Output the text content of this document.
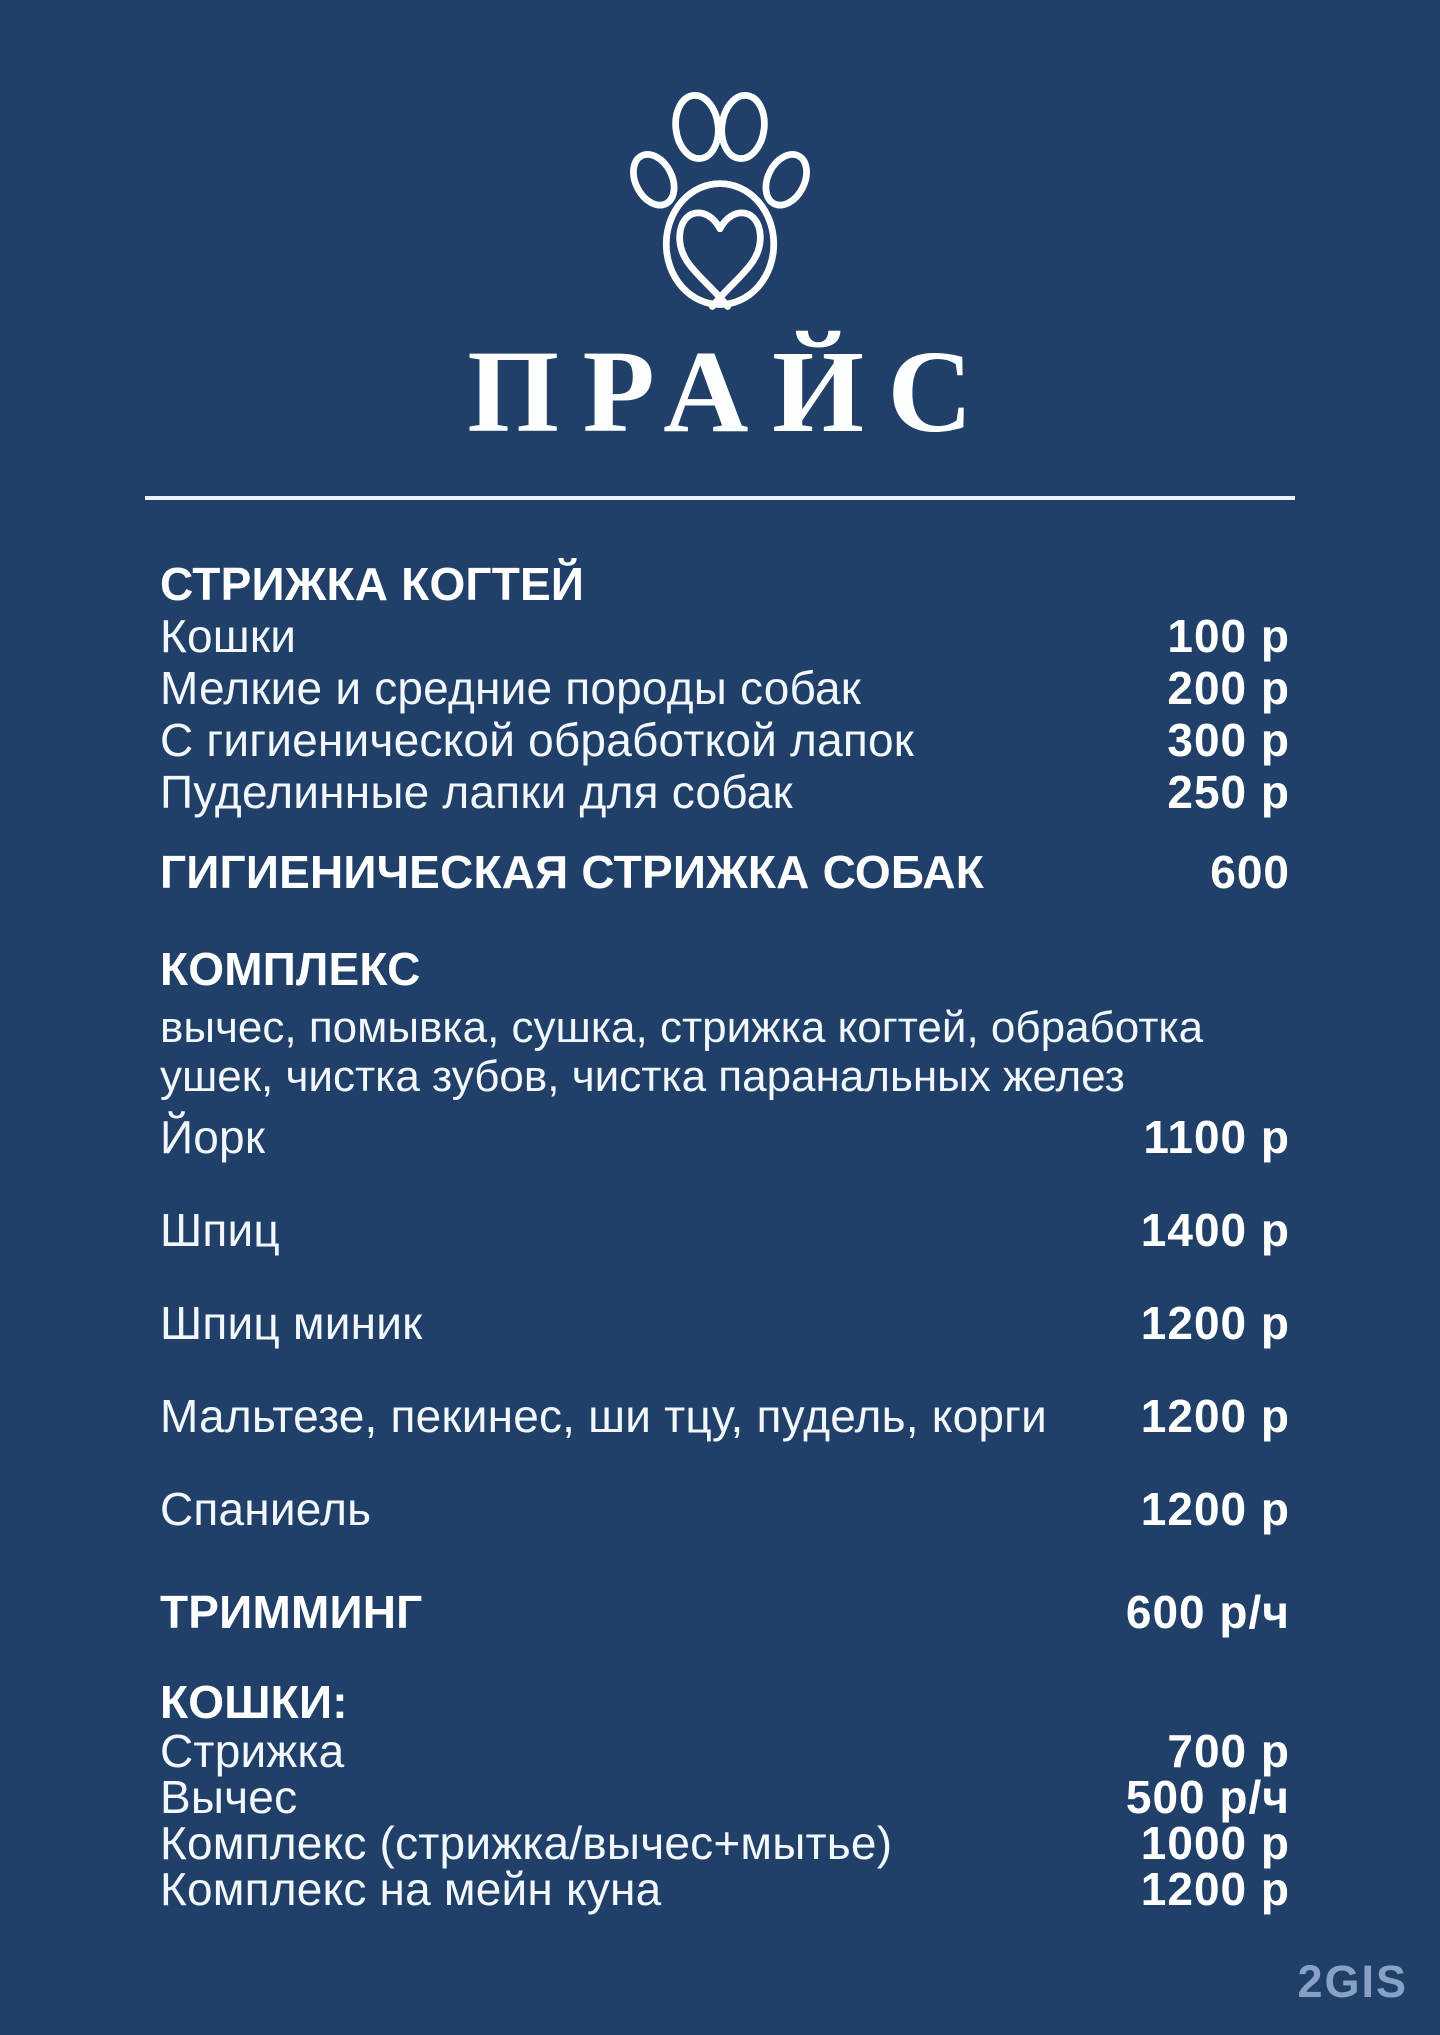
ПРАЙС
СТРИЖКА КОГТЕЙ
Кошки	100 р
Мелкие и средние породы собак	200 р
С гигиенической обработкой лапок	300 р
Пуделинные лапки для собак	250 р
ГИГИЕНИЧЕСКАЯ СТРИЖКА СОБАК	600
КОМПЛЕКС

вычес, помывка, сушка, стрижка когтей, обработка ушек, чистка зубов, чистка паранальных желез

Йорк	1100 р
Шпиц	1400 р
Шпиц миник	1200 р
Мальтезе, пекинес, ши тцу, пудель, корги 1200 р
Спаниель	1200 р
ТРИММИНГ	600 р/ч
КОШКИ:
Стрижка	700 р
Вычес	500 р/ч
Комплекс (стрижка/вычес+мытье)	1000 р
Комплекс на мейн куна	1200 р
2GIS
